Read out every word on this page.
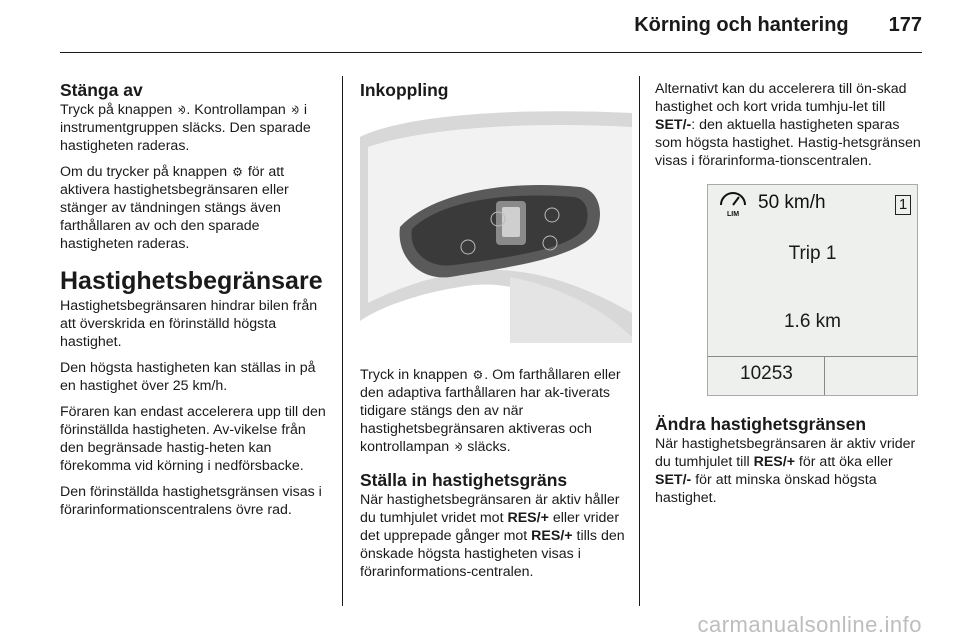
Körning och hantering 177
Stänga av

Tryck på knappen ⨵. Kontrollampan ⨵ i instrumentgruppen släcks. Den sparade hastigheten raderas.

Om du trycker på knappen ⚙ för att aktivera hastighetsbegränsaren eller stänger av tändningen stängs även farthållaren av och den sparade hastigheten raderas.

Hastighetsbegränsare

Hastighetsbegränsaren hindrar bilen från att överskrida en förinställd högsta hastighet.

Den högsta hastigheten kan ställas in på en hastighet över 25 km/h.

Föraren kan endast accelerera upp till den förinställda hastigheten. Av-vikelse från den begränsade hastig-heten kan förekomma vid körning i nedförsbacke.

Den förinställda hastighetsgränsen visas i förarinformationscentralens övre rad.

Inkoppling

Tryck in knappen ⚙. Om farthållaren eller den adaptiva farthållaren har ak-tiverats tidigare stängs den av när hastighetsbegränsaren aktiveras och kontrollampan ⨵ släcks.

Ställa in hastighetsgräns

När hastighetsbegränsaren är aktiv håller du tumhjulet vridet mot RES/+ eller vrider det upprepade gånger mot RES/+ tills den önskade högsta hastigheten visas i förarinformations-centralen.

Alternativt kan du accelerera till ön-skad hastighet och kort vrida tumhju-let till SET/-: den aktuella hastigheten sparas som högsta hastighet. Hastig-hetsgränsen visas i förarinforma-tionscentralen.

LIM
50 km/h	1
Trip 1
1.6 km
10253
Ändra hastighetsgränsen

När hastighetsbegränsaren är aktiv vrider du tumhjulet till RES/+ för att öka eller SET/- för att minska önskad högsta hastighet.

carmanualsonline.info
